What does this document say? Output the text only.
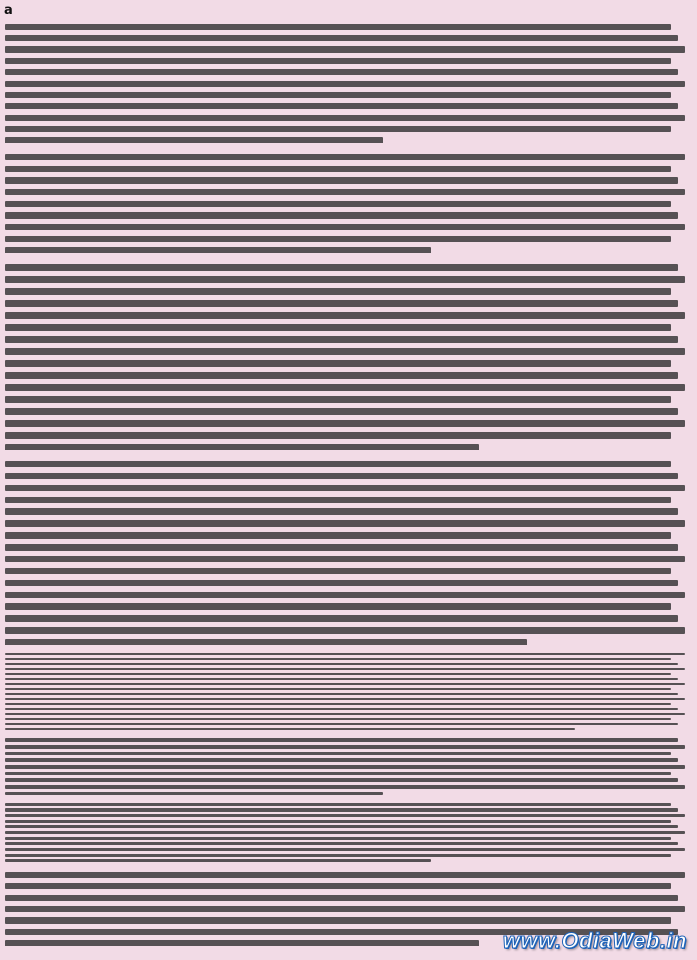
a
www.OdiaWeb.in
